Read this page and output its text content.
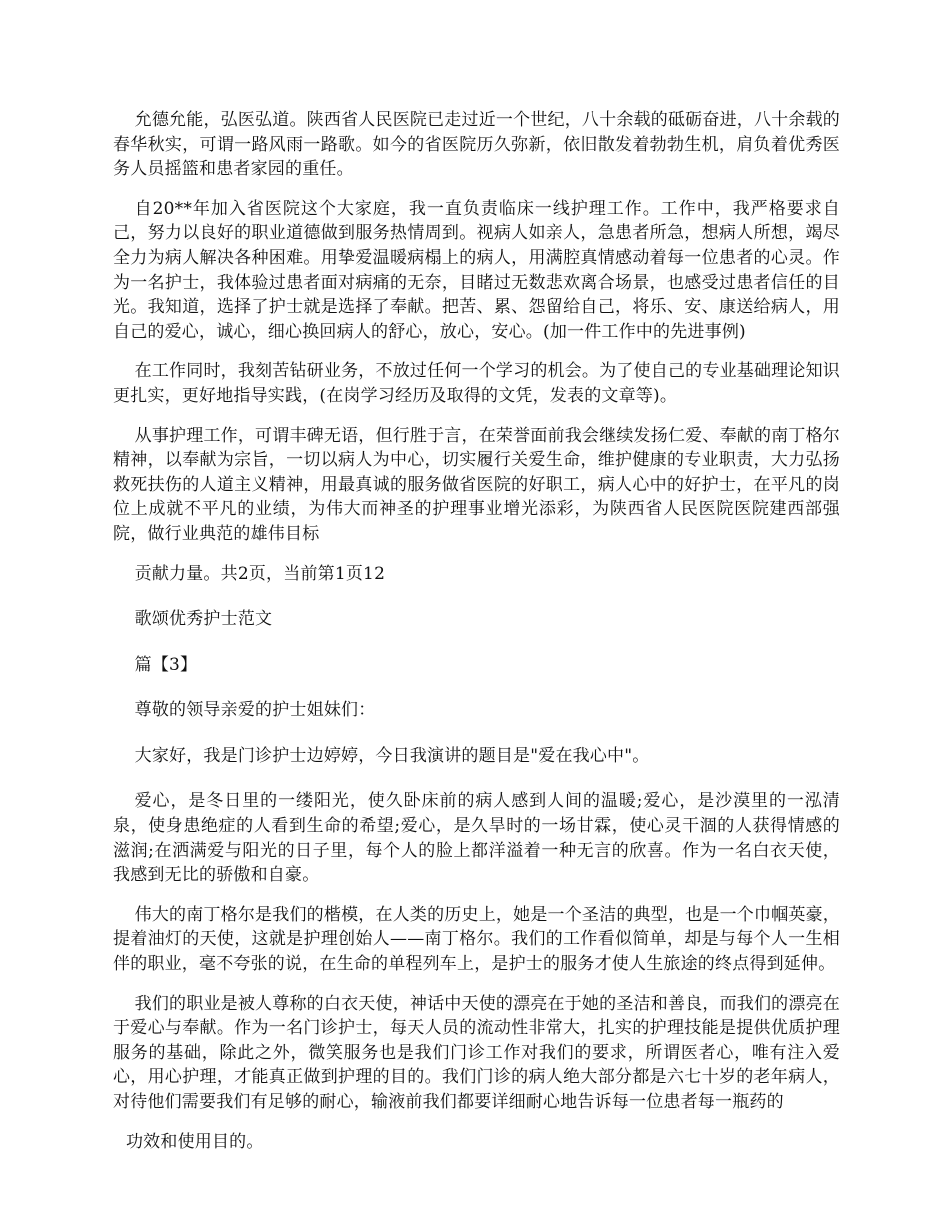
允德允能，弘医弘道。陕西省人民医院已走过近一个世纪，八十余载的砥砺奋进，八十余载的春华秋实，可谓一路风雨一路歌。如今的省医院历久弥新，依旧散发着勃勃生机，肩负着优秀医务人员摇篮和患者家园的重任。

自20**年加入省医院这个大家庭，我一直负责临床一线护理工作。工作中，我严格要求自己，努力以良好的职业道德做到服务热情周到。视病人如亲人，急患者所急，想病人所想，竭尽全力为病人解决各种困难。用挚爱温暖病榻上的病人，用满腔真情感动着每一位患者的心灵。作为一名护士，我体验过患者面对病痛的无奈，目睹过无数悲欢离合场景，也感受过患者信任的目光。我知道，选择了护士就是选择了奉献。把苦、累、怨留给自己，将乐、安、康送给病人，用自己的爱心，诚心，细心换回病人的舒心，放心，安心。(加一件工作中的先进事例)

在工作同时，我刻苦钻研业务，不放过任何一个学习的机会。为了使自己的专业基础理论知识更扎实，更好地指导实践，(在岗学习经历及取得的文凭，发表的文章等)。

从事护理工作，可谓丰碑无语，但行胜于言，在荣誉面前我会继续发扬仁爱、奉献的南丁格尔精神，以奉献为宗旨，一切以病人为中心，切实履行关爱生命，维护健康的专业职责，大力弘扬救死扶伤的人道主义精神，用最真诚的服务做省医院的好职工，病人心中的好护士，在平凡的岗位上成就不平凡的业绩，为伟大而神圣的护理事业增光添彩，为陕西省人民医院医院建西部强院，做行业典范的雄伟目标

贡献力量。共2页，当前第1页12

歌颂优秀护士范文

篇【3】

尊敬的领导亲爱的护士姐妹们：

大家好，我是门诊护士边婷婷，今日我演讲的题目是"爱在我心中"。

爱心，是冬日里的一缕阳光，使久卧床前的病人感到人间的温暖;爱心，是沙漠里的一泓清泉，使身患绝症的人看到生命的希望;爱心，是久旱时的一场甘霖，使心灵干涸的人获得情感的滋润;在洒满爱与阳光的日子里，每个人的脸上都洋溢着一种无言的欣喜。作为一名白衣天使，我感到无比的骄傲和自豪。

伟大的南丁格尔是我们的楷模，在人类的历史上，她是一个圣洁的典型，也是一个巾帼英豪，提着油灯的天使，这就是护理创始人——南丁格尔。我们的工作看似简单，却是与每个人一生相伴的职业，毫不夸张的说，在生命的单程列车上，是护士的服务才使人生旅途的终点得到延伸。

我们的职业是被人尊称的白衣天使，神话中天使的漂亮在于她的圣洁和善良，而我们的漂亮在于爱心与奉献。作为一名门诊护士，每天人员的流动性非常大，扎实的护理技能是提供优质护理服务的基础，除此之外，微笑服务也是我们门诊工作对我们的要求，所谓医者心，唯有注入爱心，用心护理，才能真正做到护理的目的。我们门诊的病人绝大部分都是六七十岁的老年病人，对待他们需要我们有足够的耐心，输液前我们都要详细耐心地告诉每一位患者每一瓶药的

功效和使用目的。
